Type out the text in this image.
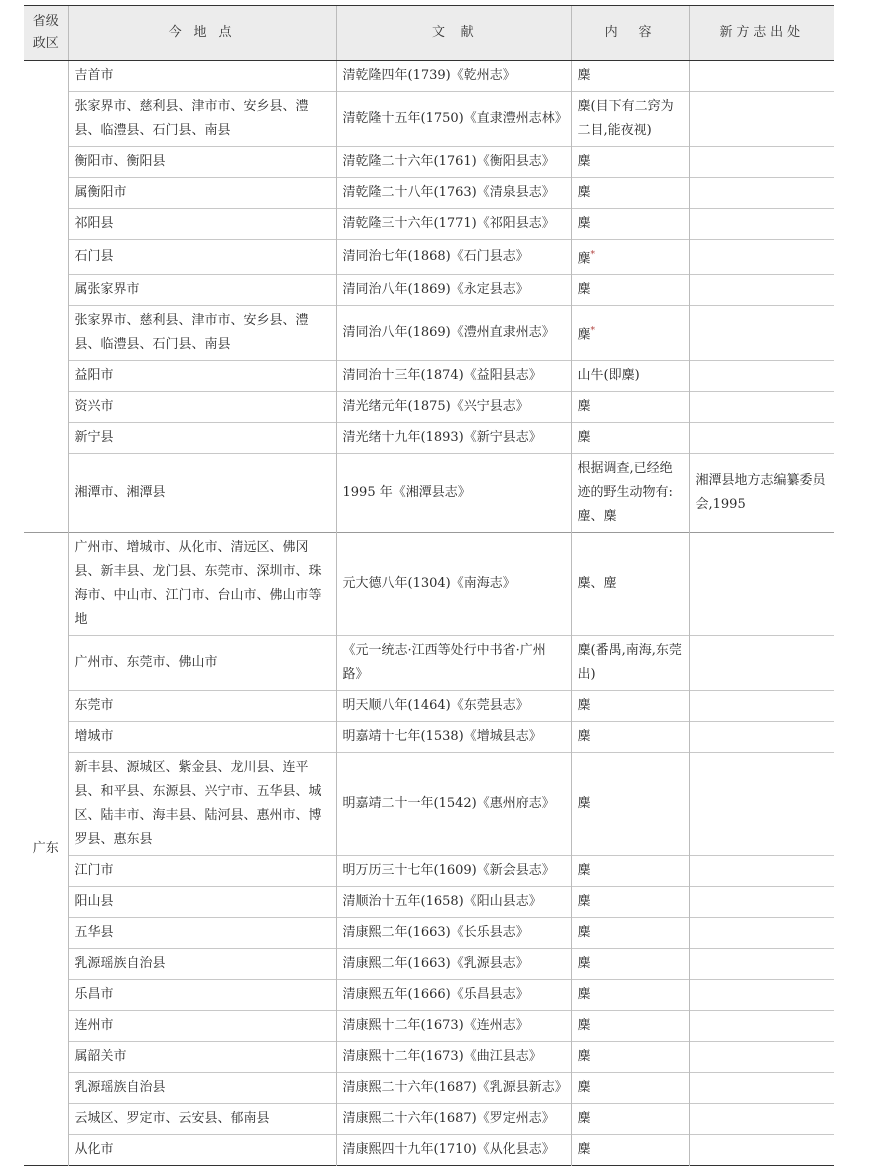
省级
政区	今 地 点	文　献	内　容	新方志出处
	吉首市	清乾隆四年(1739)《乾州志》	麇	
	张家界市、慈利县、津市市、安乡县、澧县、临澧县、石门县、南县	清乾隆十五年(1750)《直隶澧州志林》	麇(目下有二窍为二目,能夜视)	
	衡阳市、衡阳县	清乾隆二十六年(1761)《衡阳县志》	麇	
	属衡阳市	清乾隆二十八年(1763)《清泉县志》	麇	
	祁阳县	清乾隆三十六年(1771)《祁阳县志》	麇	
	石门县	清同治七年(1868)《石门县志》	麇*	
	属张家界市	清同治八年(1869)《永定县志》	麇	
	张家界市、慈利县、津市市、安乡县、澧县、临澧县、石门县、南县	清同治八年(1869)《澧州直隶州志》	麇*	
	益阳市	清同治十三年(1874)《益阳县志》	山牛(即麇)	
	资兴市	清光绪元年(1875)《兴宁县志》	麇	
	新宁县	清光绪十九年(1893)《新宁县志》	麇	
	湘潭市、湘潭县	1995 年《湘潭县志》	根据调查,已经绝迹的野生动物有:麈、麇	湘潭县地方志编纂委员会,1995
广东	广州市、增城市、从化市、清远区、佛冈县、新丰县、龙门县、东莞市、深圳市、珠海市、中山市、江门市、台山市、佛山市等地	元大德八年(1304)《南海志》	麇、麈	
	广州市、东莞市、佛山市	《元一统志·江西等处行中书省·广州路》	麇(番禺,南海,东莞出)	
	东莞市	明天顺八年(1464)《东莞县志》	麇	
	增城市	明嘉靖十七年(1538)《增城县志》	麇	
	新丰县、源城区、紫金县、龙川县、连平县、和平县、东源县、兴宁市、五华县、城区、陆丰市、海丰县、陆河县、惠州市、博罗县、惠东县	明嘉靖二十一年(1542)《惠州府志》	麇	
	江门市	明万历三十七年(1609)《新会县志》	麇	
	阳山县	清顺治十五年(1658)《阳山县志》	麇	
	五华县	清康熙二年(1663)《长乐县志》	麇	
	乳源瑶族自治县	清康熙二年(1663)《乳源县志》	麇	
	乐昌市	清康熙五年(1666)《乐昌县志》	麇	
	连州市	清康熙十二年(1673)《连州志》	麇	
	属韶关市	清康熙十二年(1673)《曲江县志》	麇	
	乳源瑶族自治县	清康熙二十六年(1687)《乳源县新志》	麇	
	云城区、罗定市、云安县、郁南县	清康熙二十六年(1687)《罗定州志》	麇	
	从化市	清康熙四十九年(1710)《从化县志》	麇	
